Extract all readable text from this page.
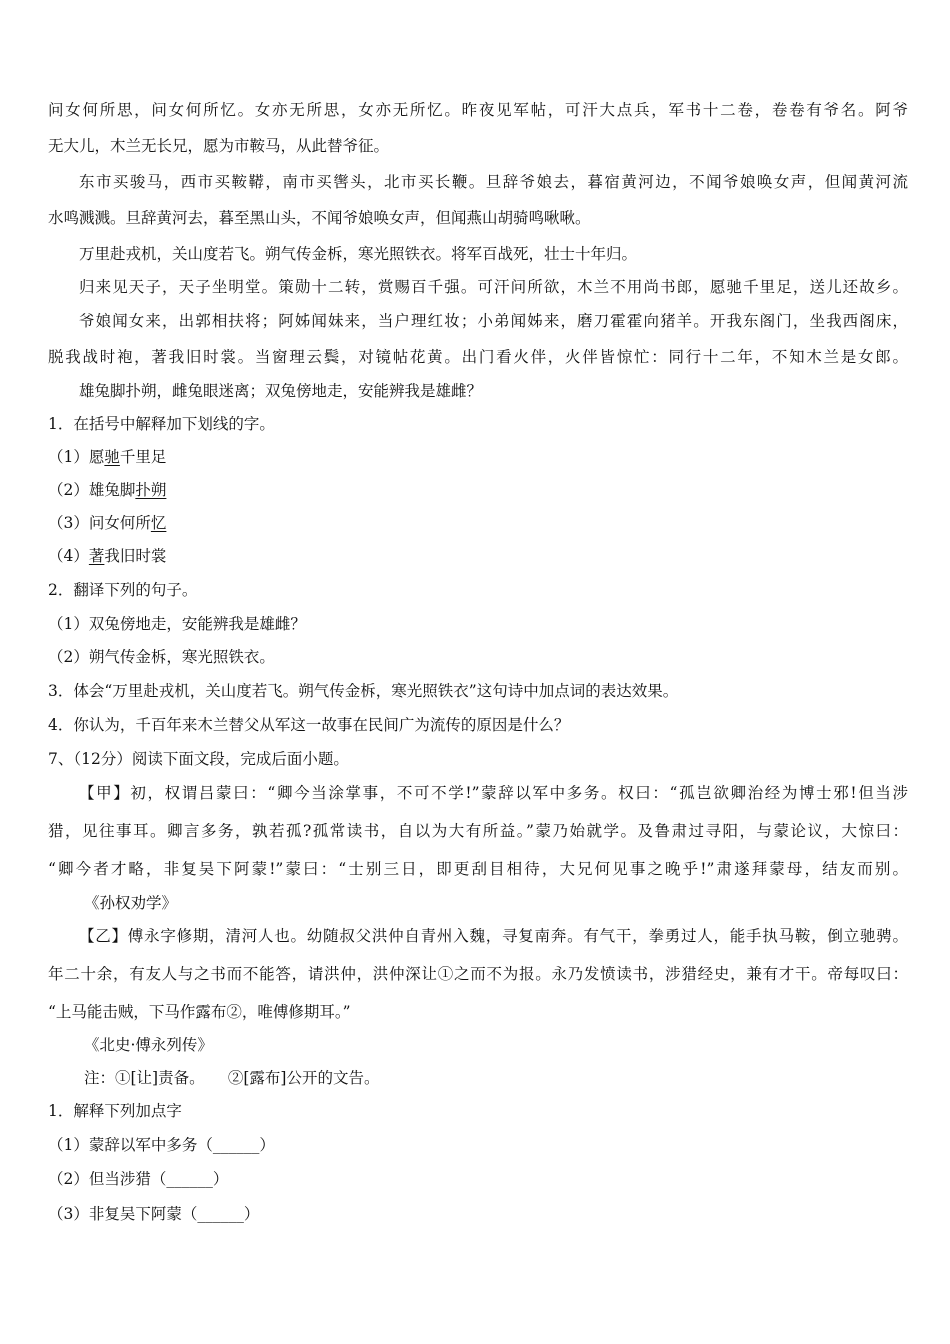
问女何所思，问女何所忆。女亦无所思，女亦无所忆。昨夜见军帖，可汗大点兵，军书十二卷，卷卷有爷名。阿爷
无大儿，木兰无长兄，愿为市鞍马，从此替爷征。
东市买骏马，西市买鞍鞯，南市买辔头，北市买长鞭。旦辞爷娘去，暮宿黄河边，不闻爷娘唤女声，但闻黄河流
水鸣溅溅。旦辞黄河去，暮至黑山头，不闻爷娘唤女声，但闻燕山胡骑鸣啾啾。
万里赴戎机，关山度若飞。朔气传金柝，寒光照铁衣。将军百战死，壮士十年归。
归来见天子，天子坐明堂。策勋十二转，赏赐百千强。可汗问所欲，木兰不用尚书郎，愿驰千里足，送儿还故乡。
爷娘闻女来，出郭相扶将；阿姊闻妹来，当户理红妆；小弟闻姊来，磨刀霍霍向猪羊。开我东阁门，坐我西阁床，
脱我战时袍，著我旧时裳。当窗理云鬓，对镜帖花黄。出门看火伴，火伴皆惊忙：同行十二年，不知木兰是女郎。
雄兔脚扑朔，雌兔眼迷离；双兔傍地走，安能辨我是雄雌？
1．在括号中解释加下划线的字。
（1）愿驰千里足
（2）雄兔脚扑朔
（3）问女何所忆
（4）著我旧时裳
2．翻译下列的句子。
（1）双兔傍地走，安能辨我是雄雌？
（2）朔气传金柝，寒光照铁衣。
3．体会“万里赴戎机，关山度若飞。朔气传金柝，寒光照铁衣”这句诗中加点词的表达效果。
4．你认为，千百年来木兰替父从军这一故事在民间广为流传的原因是什么？
7、（12分）阅读下面文段，完成后面小题。
【甲】初，权谓吕蒙曰：“卿今当涂掌事，不可不学!”蒙辞以军中多务。权曰：“孤岂欲卿治经为博士邪!但当涉
猎，见往事耳。卿言多务，孰若孤?孤常读书，自以为大有所益。”蒙乃始就学。及鲁肃过寻阳，与蒙论议，大惊曰：
“卿今者才略，非复吴下阿蒙!”蒙曰：“士别三日，即更刮目相待，大兄何见事之晚乎!”肃遂拜蒙母，结友而别。
《孙权劝学》
【乙】傅永字修期，清河人也。幼随叔父洪仲自青州入魏，寻复南奔。有气干，拳勇过人，能手执马鞍，倒立驰骋。
年二十余，有友人与之书而不能答，请洪仲，洪仲深让①之而不为报。永乃发愤读书，涉猎经史，兼有才干。帝每叹曰：
“上马能击贼，下马作露布②，唯傅修期耳。”
《北史·傅永列传》
注：①[让]责备。　　②[露布]公开的文告。
1．解释下列加点字
（1）蒙辞以军中多务（______）
（2）但当涉猎（______）
（3）非复吴下阿蒙（______）
